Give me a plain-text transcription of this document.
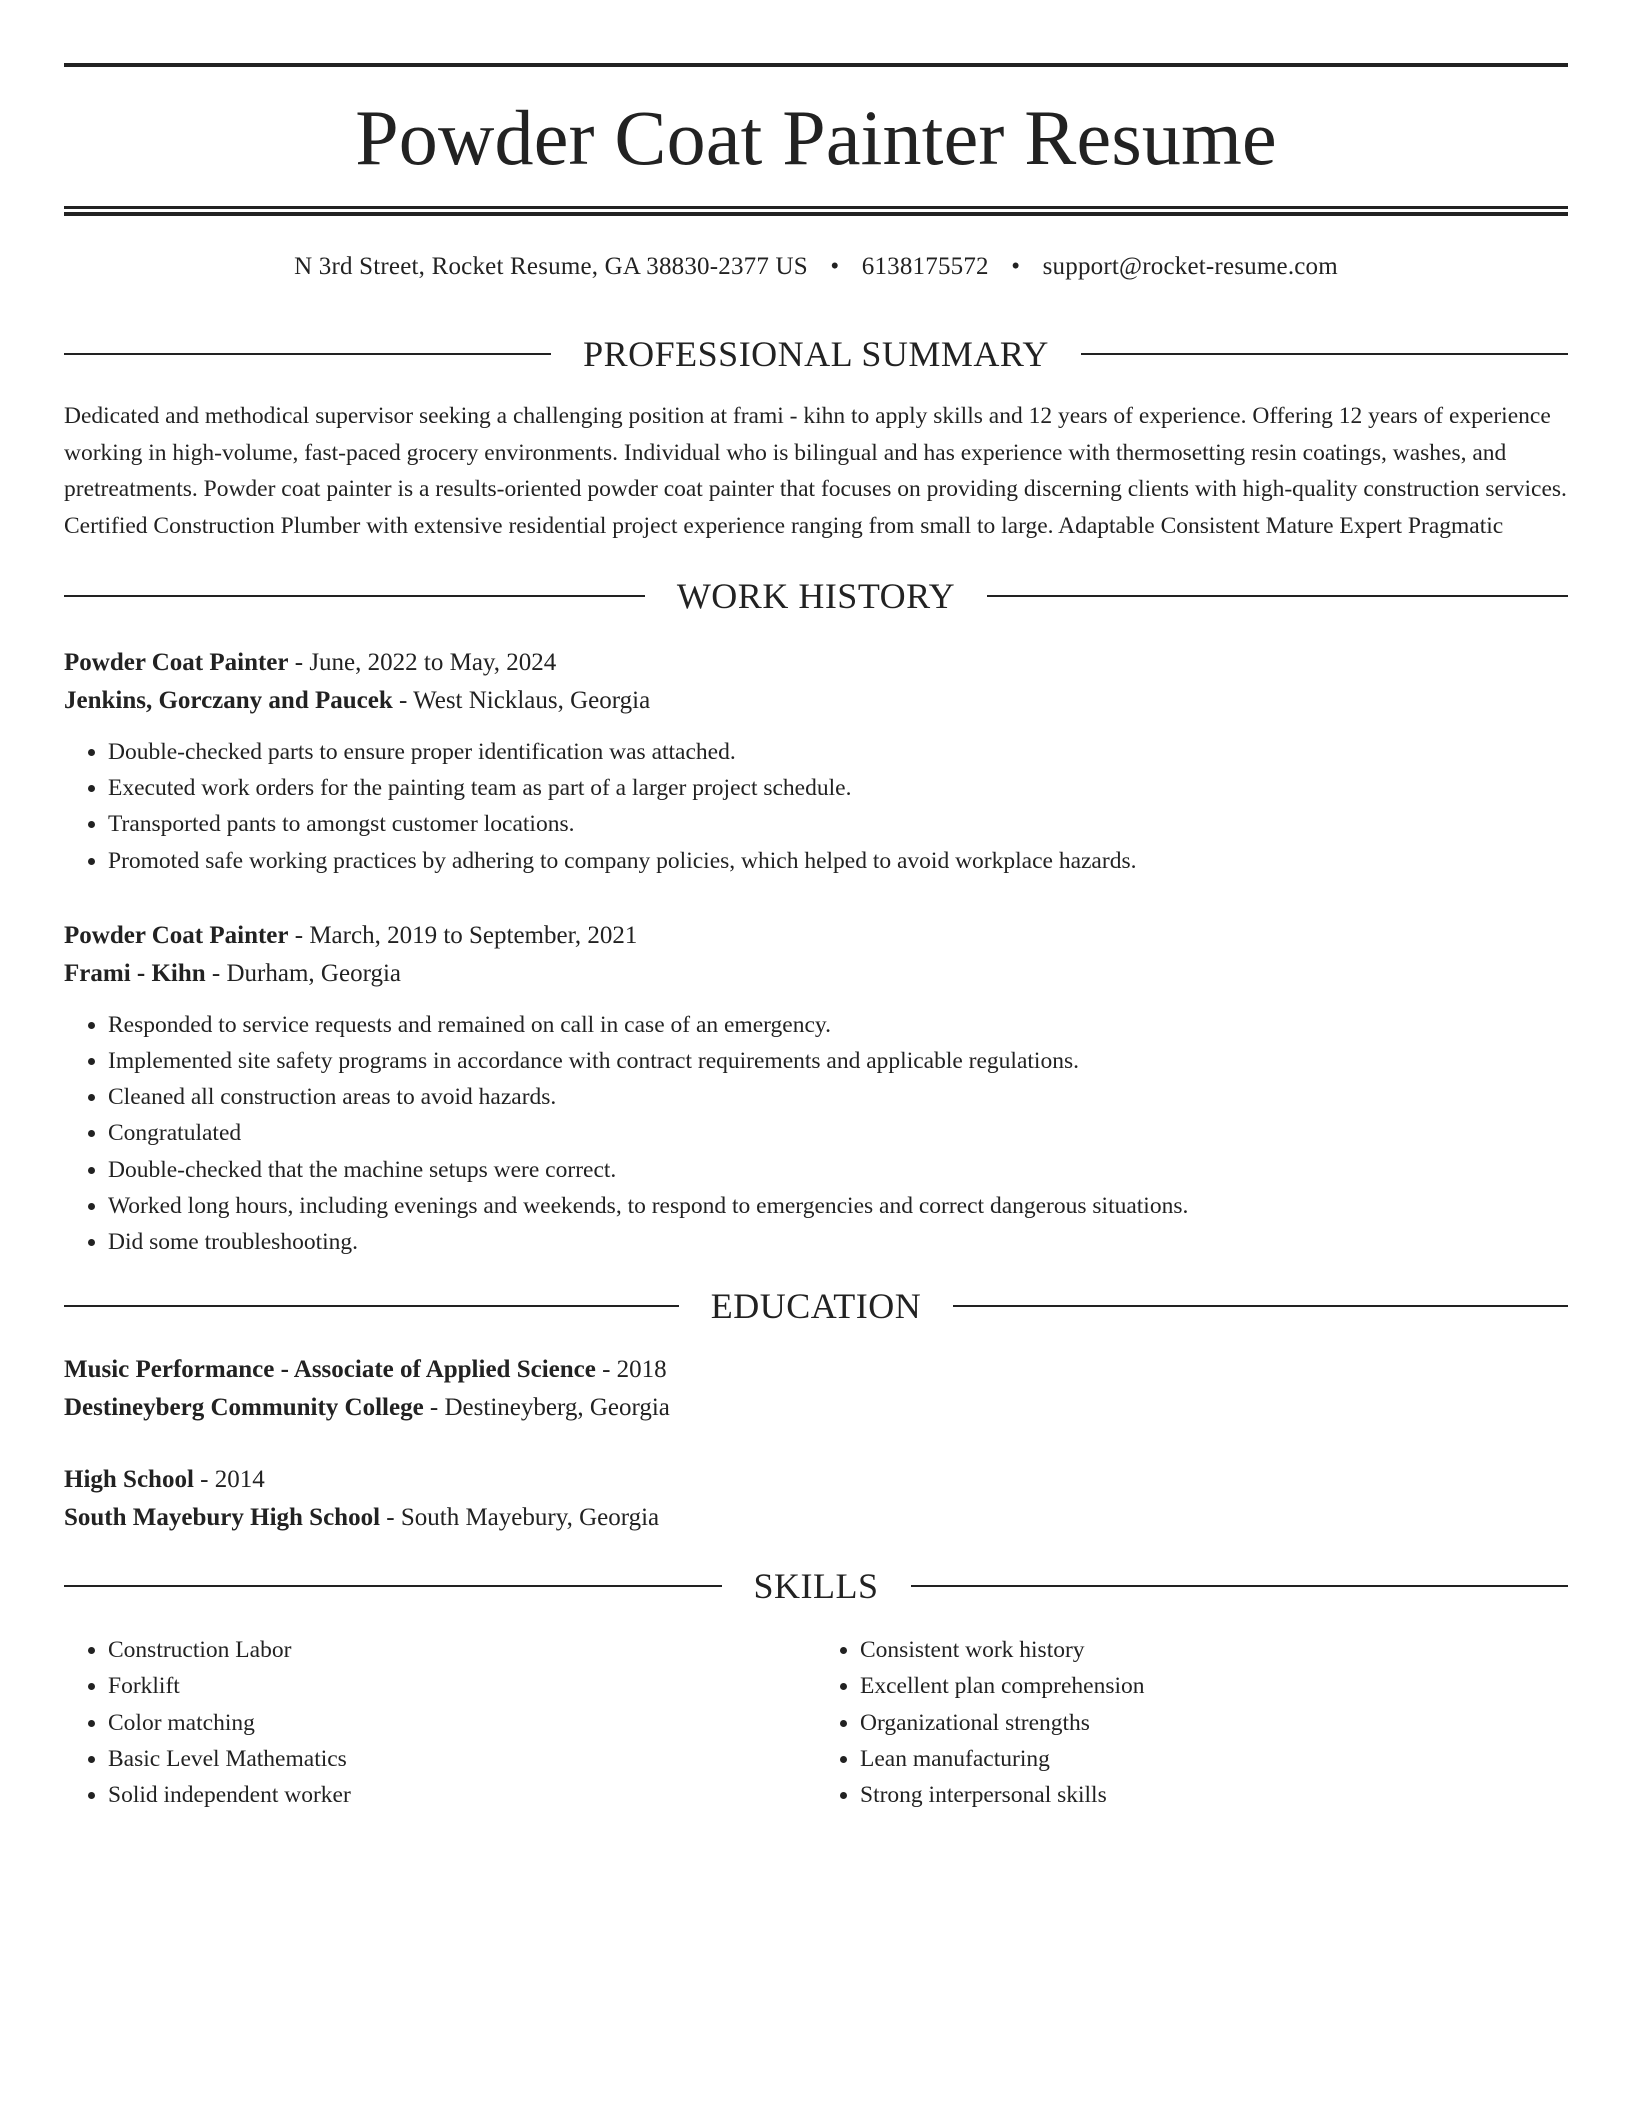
Powder Coat Painter Resume
N 3rd Street, Rocket Resume, GA 38830-2377 US • 6138175572 • support@rocket-resume.com
PROFESSIONAL SUMMARY

Dedicated and methodical supervisor seeking a challenging position at frami - kihn to apply skills and 12 years of experience. Offering 12 years of experience working in high-volume, fast-paced grocery environments. Individual who is bilingual and has experience with thermosetting resin coatings, washes, and pretreatments. Powder coat painter is a results-oriented powder coat painter that focuses on providing discerning clients with high-quality construction services. Certified Construction Plumber with extensive residential project experience ranging from small to large. Adaptable Consistent Mature Expert Pragmatic

WORK HISTORY
Powder Coat Painter - June, 2022 to May, 2024
Jenkins, Gorczany and Paucek - West Nicklaus, Georgia
• Double-checked parts to ensure proper identification was attached.
• Executed work orders for the painting team as part of a larger project schedule.
• Transported pants to amongst customer locations.
• Promoted safe working practices by adhering to company policies, which helped to avoid workplace hazards.
Powder Coat Painter - March, 2019 to September, 2021
Frami - Kihn - Durham, Georgia
• Responded to service requests and remained on call in case of an emergency.
• Implemented site safety programs in accordance with contract requirements and applicable regulations.
• Cleaned all construction areas to avoid hazards.
• Congratulated
• Double-checked that the machine setups were correct.
• Worked long hours, including evenings and weekends, to respond to emergencies and correct dangerous situations.
• Did some troubleshooting.
EDUCATION
Music Performance - Associate of Applied Science - 2018
Destineyberg Community College - Destineyberg, Georgia
High School - 2014
South Mayebury High School - South Mayebury, Georgia
SKILLS
• Construction Labor
• Forklift
• Color matching
• Basic Level Mathematics
• Solid independent worker
• Consistent work history
• Excellent plan comprehension
• Organizational strengths
• Lean manufacturing
• Strong interpersonal skills
